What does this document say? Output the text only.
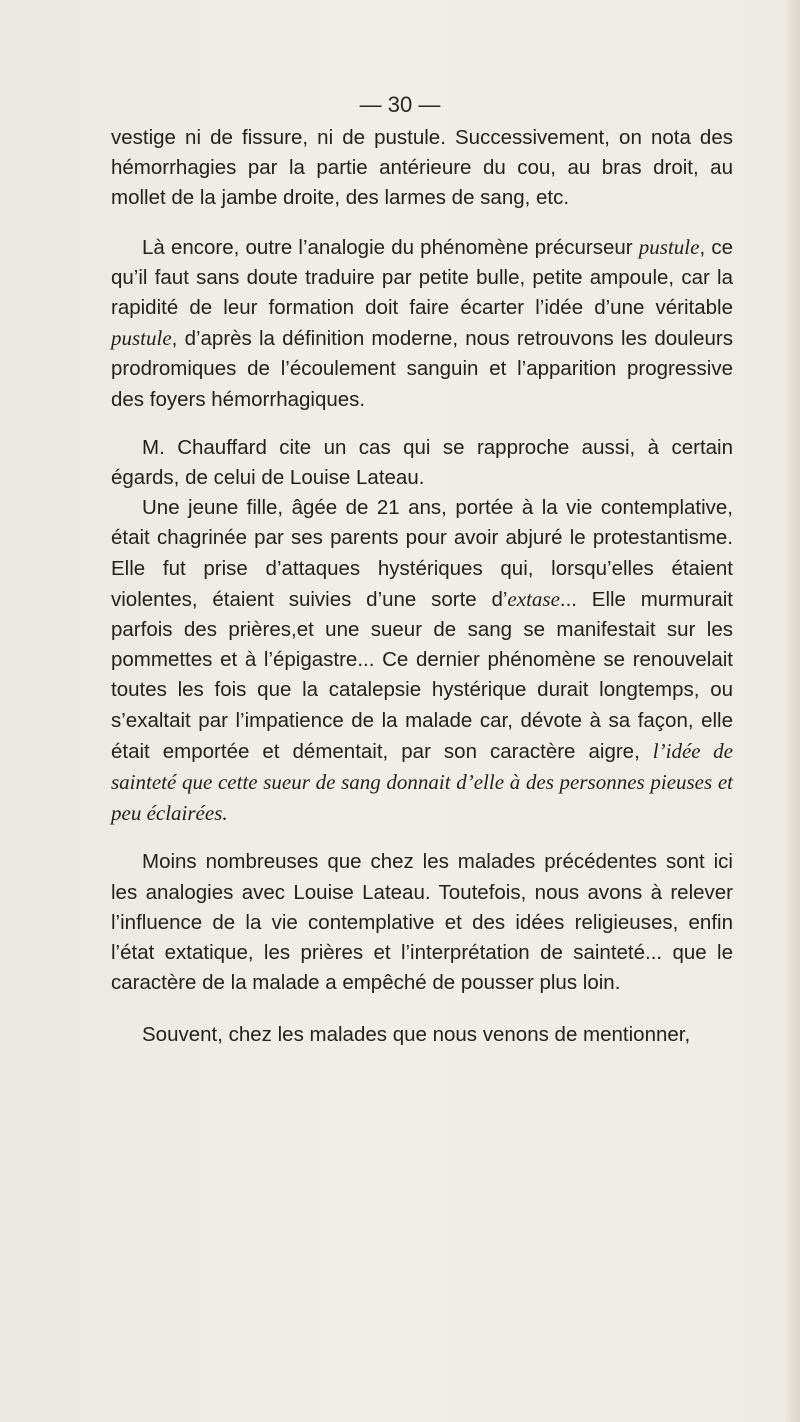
— 30 —

vestige ni de fissure, ni de pustule. Successivement, on nota des hémorrhagies par la partie antérieure du cou, au bras droit, au mollet de la jambe droite, des larmes de sang, etc.

Là encore, outre l’analogie du phénomène précurseur pustule, ce qu’il faut sans doute traduire par petite bulle, petite ampoule, car la rapidité de leur formation doit faire écarter l’idée d’une véritable pustule, d’après la définition moderne, nous retrouvons les douleurs prodromiques de l’écoulement sanguin et l’apparition progressive des foyers hémorrhagiques.

M. Chauffard cite un cas qui se rapproche aussi, à certain égards, de celui de Louise Lateau.

Une jeune fille, âgée de 21 ans, portée à la vie contemplative, était chagrinée par ses parents pour avoir abjuré le protestantisme. Elle fut prise d’attaques hystériques qui, lorsqu’elles étaient violentes, étaient suivies d’une sorte d’extase... Elle murmurait parfois des prières,et une sueur de sang se manifestait sur les pommettes et à l’épigastre... Ce dernier phénomène se renouvelait toutes les fois que la catalepsie hystérique durait longtemps, ou s’exaltait par l’impatience de la malade car, dévote à sa façon, elle était emportée et démentait, par son caractère aigre, l’idée de sainteté que cette sueur de sang donnait d’elle à des personnes pieuses et peu éclairées.

Moins nombreuses que chez les malades précédentes sont ici les analogies avec Louise Lateau. Toutefois, nous avons à relever l’influence de la vie contemplative et des idées religieuses, enfin l’état extatique, les prières et l’interprétation de sainteté... que le caractère de la malade a empêché de pousser plus loin.

Souvent, chez les malades que nous venons de mentionner,
